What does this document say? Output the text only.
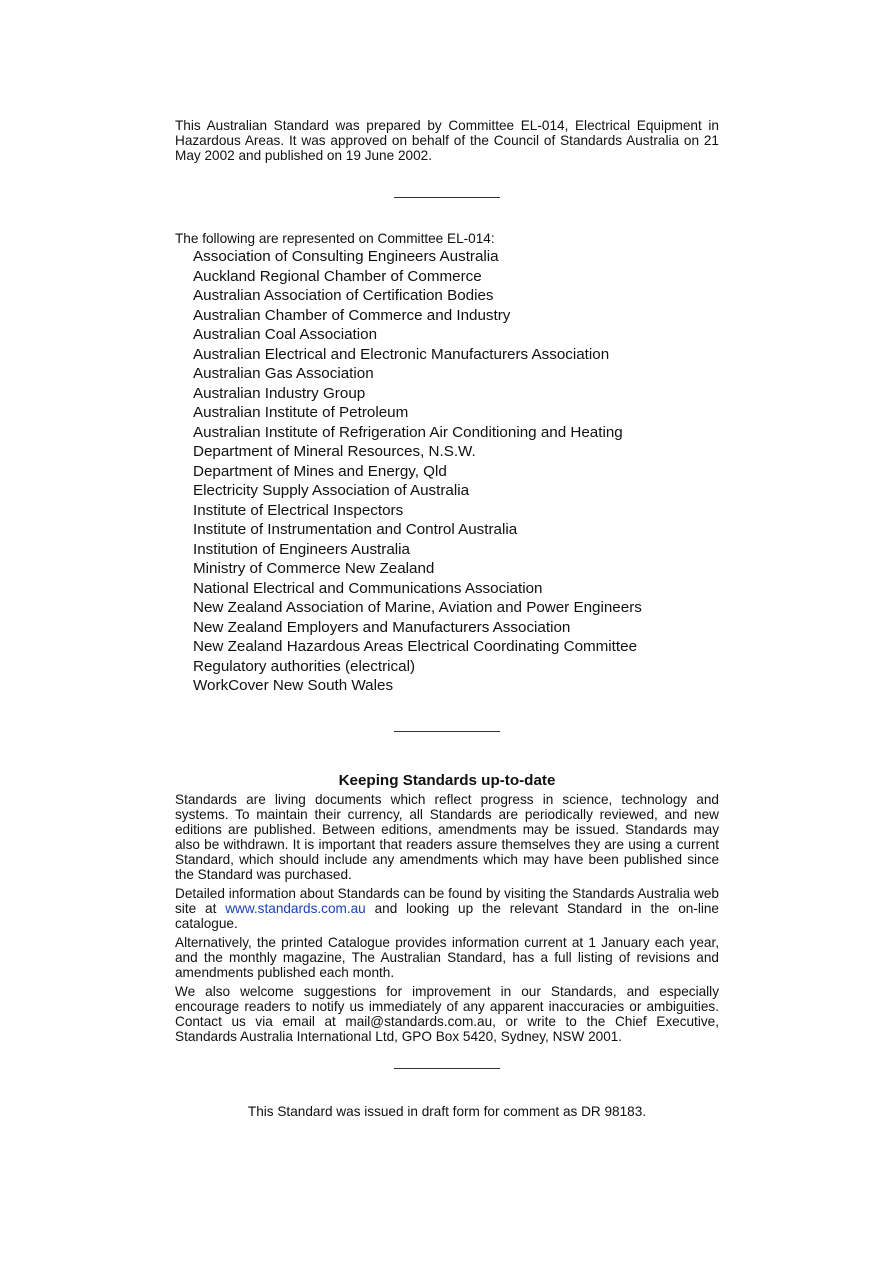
This Australian Standard was prepared by Committee EL-014, Electrical Equipment in Hazardous Areas. It was approved on behalf of the Council of Standards Australia on 21 May 2002 and published on 19 June 2002.

The following are represented on Committee EL-014:

Association of Consulting Engineers Australia
Auckland Regional Chamber of Commerce
Australian Association of Certification Bodies
Australian Chamber of Commerce and Industry
Australian Coal Association
Australian Electrical and Electronic Manufacturers Association
Australian Gas Association
Australian Industry Group
Australian Institute of Petroleum
Australian Institute of Refrigeration Air Conditioning and Heating
Department of Mineral Resources, N.S.W.
Department of Mines and Energy, Qld
Electricity Supply Association of Australia
Institute of Electrical Inspectors
Institute of Instrumentation and Control Australia
Institution of Engineers Australia
Ministry of Commerce New Zealand
National Electrical and Communications Association
New Zealand Association of Marine, Aviation and Power Engineers
New Zealand Employers and Manufacturers Association
New Zealand Hazardous Areas Electrical Coordinating Committee
Regulatory authorities (electrical)
WorkCover New South Wales
Keeping Standards up-to-date

Standards are living documents which reflect progress in science, technology and systems. To maintain their currency, all Standards are periodically reviewed, and new editions are published. Between editions, amendments may be issued. Standards may also be withdrawn. It is important that readers assure themselves they are using a current Standard, which should include any amendments which may have been published since the Standard was purchased.

Detailed information about Standards can be found by visiting the Standards Australia web site at www.standards.com.au and looking up the relevant Standard in the on-line catalogue.

Alternatively, the printed Catalogue provides information current at 1 January each year, and the monthly magazine, The Australian Standard, has a full listing of revisions and amendments published each month.

We also welcome suggestions for improvement in our Standards, and especially encourage readers to notify us immediately of any apparent inaccuracies or ambiguities. Contact us via email at mail@standards.com.au, or write to the Chief Executive, Standards Australia International Ltd, GPO Box 5420, Sydney, NSW 2001.

This Standard was issued in draft form for comment as DR 98183.
